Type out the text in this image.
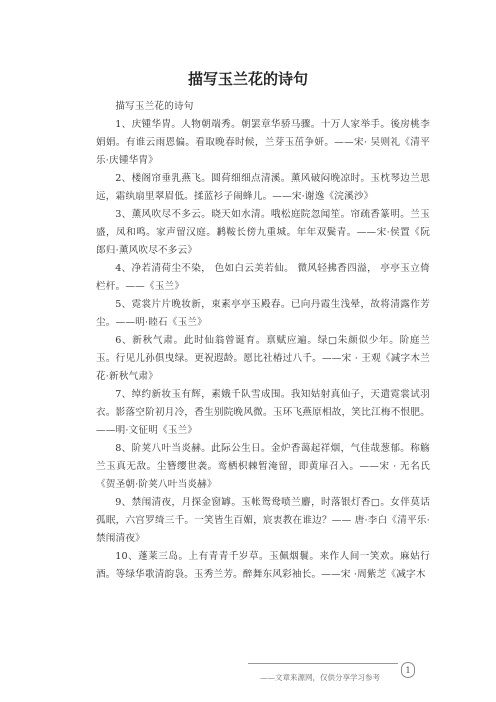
描写玉兰花的诗句

描写玉兰花的诗句

1、庆锺华胄。人物朝端秀。朝罢章华骄马骤。十万人家举手。後房桃李娟娟。有谁云雨恩偏。看取晚春时候，兰芽玉茁争妍。——宋· 吴则礼《清平乐·庆锺华胄》

2、楼阁帘垂乳燕飞。圆荷细细点清溪。薰风破闷晚凉时。玉枕琴边兰思远，霜纨扇里翠眉低。揉蓝衫子闹蜂儿。——宋·谢逸《浣溪沙》

3、薰风吹尽不多云。晓天如水清。哦松庭院忽闻笙。帘疏香篆明。兰玉盛，凤和鸣。家声留汉庭。鹣鞍长傍九重城。年年双鬓青。——宋·侯置《阮郎归·薰风吹尽不多云》

4、净若清荷尘不染， 色如白云美若仙。 微风轻拂香四溢， 亭亭玉立倚栏杆。——《玉兰》

5、霓裳片片晚妆新，束素亭亭玉殿春。已向丹霞生浅晕，故将清露作芳尘。——明·睦石《玉兰》

6、新秋气肃。此时仙翁曾诞育。禀赋应遍。绿□朱颜似少年。阶庭兰玉。行见儿孙俱曳绿。更祝遐龄。愿比社椿过八千。——宋 · 王观《减字木兰花·新秋气肃》

7、绰约新妆玉有辉，素娥千队雪成围。我知姑射真仙子，天遣霓裳试羽衣。影落空阶初月冷，香生别院晚风微。玉环飞燕原相故，笑比江梅不恨肥。——明·文征明《玉兰》

8、阶荚八叶当炎赫。此际公生日。金炉香蔼起祥烟，气佳哉葱郁。称觞兰玉真无敌。尘簪缨世袭。鸾栖枳棘暂淹留，即黄扉召入。——宋 · 无名氏《贺圣朝·阶荚八叶当炎赫》

9、禁闱清夜，月探金窗罅。玉帐鸳鸯喷兰麝，时落银灯香□。女伴莫话孤眠，六宫罗绮三千。一笑皆生百媚，宸衷教在谁边？—— 唐·李白《清平乐·禁闱清夜》

10、蓬莱三岛。上有青青千岁草。玉佩烟鬟。来作人间一笑欢。麻姑行酒。等绿华歌清韵袅。玉秀兰芳。醉舞东风彩袖长。——宋 ·周紫芝《减字木

1
——文章来源网，仅供分享学习参考
